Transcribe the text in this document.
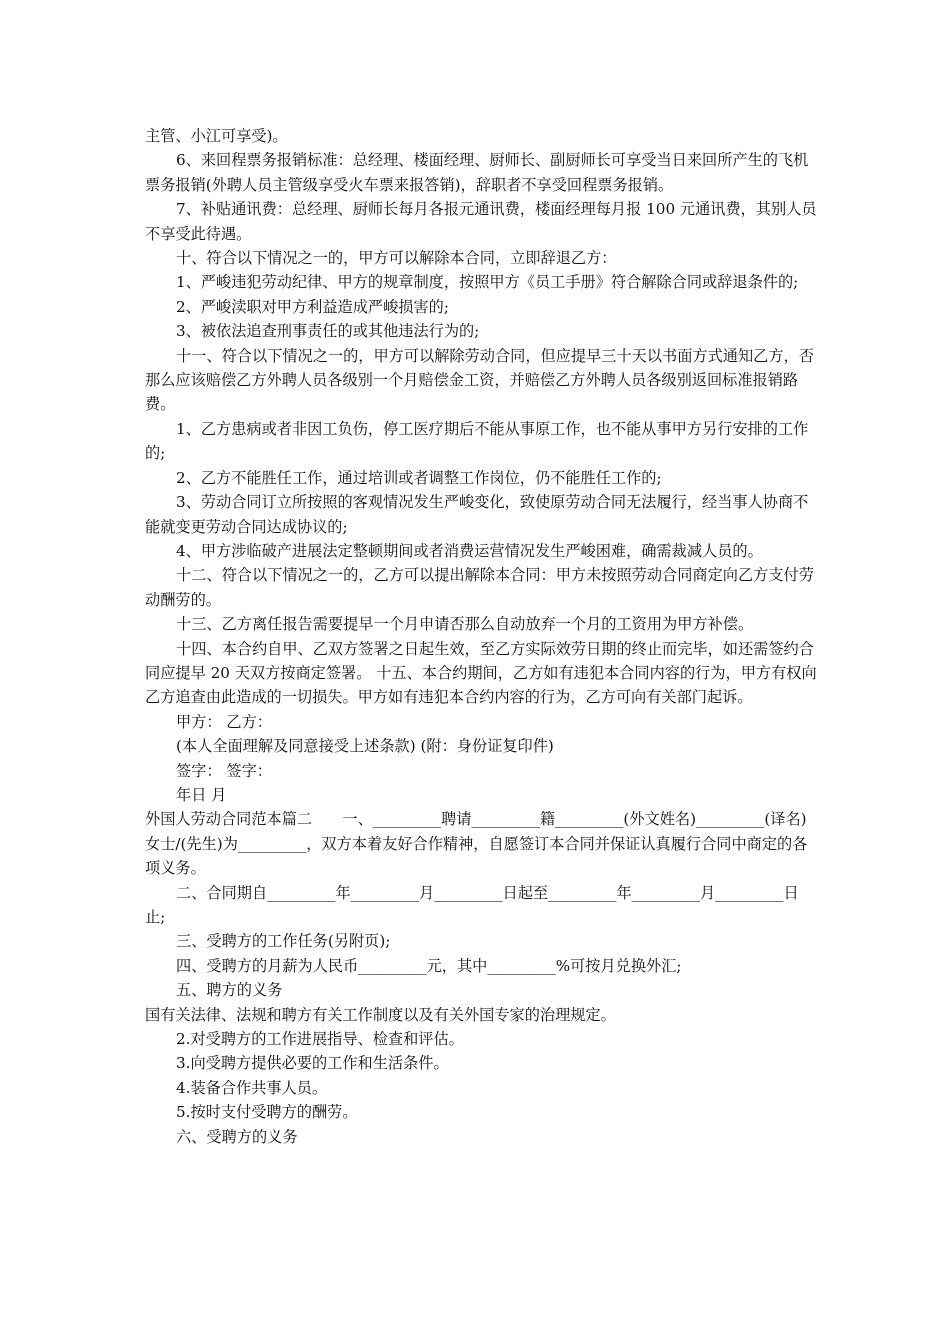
主管、小江可享受)。

6、来回程票务报销标准：总经理、楼面经理、厨师长、副厨师长可享受当日来回所产生的飞机票务报销(外聘人员主管级享受火车票来报答销)，辞职者不享受回程票务报销。

7、补贴通讯费：总经理、厨师长每月各报元通讯费，楼面经理每月报 100 元通讯费，其别人员不享受此待遇。

十、符合以下情况之一的，甲方可以解除本合同，立即辞退乙方：

1、严峻违犯劳动纪律、甲方的规章制度，按照甲方《员工手册》符合解除合同或辞退条件的;

2、严峻渎职对甲方利益造成严峻损害的;

3、被依法追查刑事责任的或其他违法行为的;

十一、符合以下情况之一的，甲方可以解除劳动合同，但应提早三十天以书面方式通知乙方，否那么应该赔偿乙方外聘人员各级别一个月赔偿金工资，并赔偿乙方外聘人员各级别返回标准报销路费。

1、乙方患病或者非因工负伤，停工医疗期后不能从事原工作，也不能从事甲方另行安排的工作的;

2、乙方不能胜任工作，通过培训或者调整工作岗位，仍不能胜任工作的;

3、劳动合同订立所按照的客观情况发生严峻变化，致使原劳动合同无法履行，经当事人协商不能就变更劳动合同达成协议的;

4、甲方涉临破产进展法定整顿期间或者消费运营情况发生严峻困难，确需裁减人员的。

十二、符合以下情况之一的，乙方可以提出解除本合同：甲方未按照劳动合同商定向乙方支付劳动酬劳的。

十三、乙方离任报告需要提早一个月申请否那么自动放弃一个月的工资用为甲方补偿。

十四、本合约自甲、乙双方签署之日起生效，至乙方实际效劳日期的终止而完毕，如还需签约合同应提早 20 天双方按商定签署。 十五、本合约期间，乙方如有违犯本合同内容的行为，甲方有权向乙方追查由此造成的一切损失。甲方如有违犯本合约内容的行为，乙方可向有关部门起诉。

甲方： 乙方：

(本人全面理解及同意接受上述条款) (附：身份证复印件)

签字： 签字：

年日 月

外国人劳动合同范本篇二　　一、_________聘请_________籍_________(外文姓名)_________(译名)女士/(先生)为_________，双方本着友好合作精神，自愿签订本合同并保证认真履行合同中商定的各项义务。

二、合同期自_________年_________月_________日起至_________年_________月_________日止;

三、受聘方的工作任务(另附页);

四、受聘方的月薪为人民币_________元，其中_________%可按月兑换外汇;

五、聘方的义务

国有关法律、法规和聘方有关工作制度以及有关外国专家的治理规定。

2.对受聘方的工作进展指导、检查和评估。

3.向受聘方提供必要的工作和生活条件。

4.装备合作共事人员。

5.按时支付受聘方的酬劳。

六、受聘方的义务
